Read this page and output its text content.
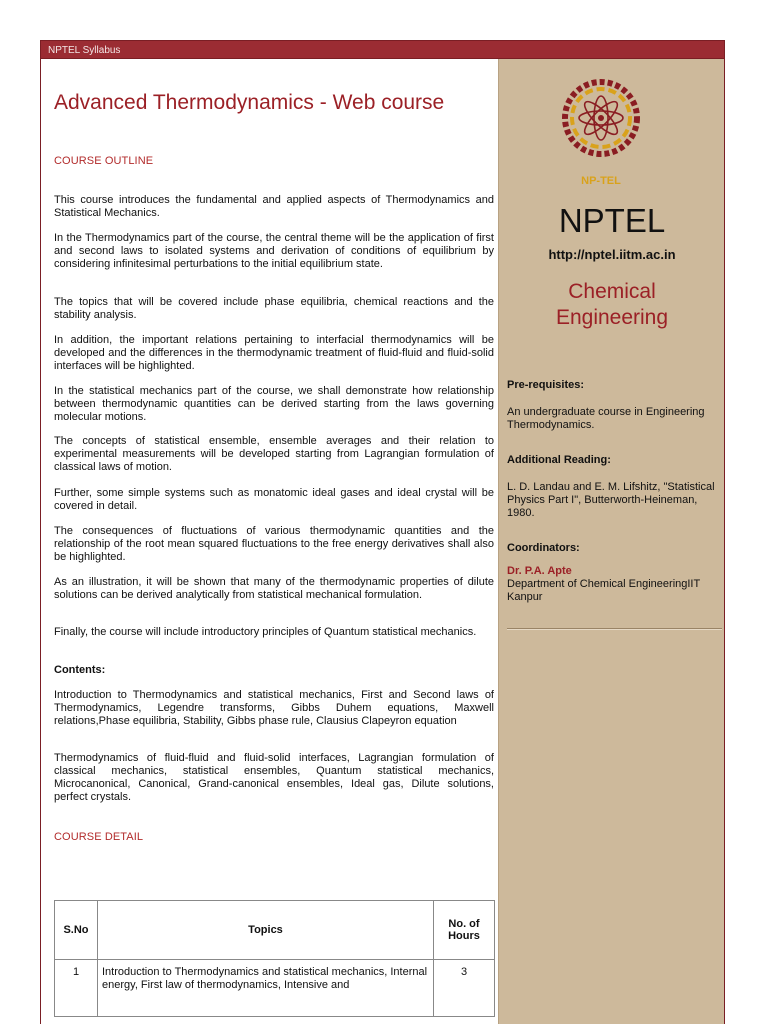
NPTEL Syllabus
Advanced Thermodynamics - Web course
COURSE OUTLINE
This course introduces the fundamental and applied aspects of Thermodynamics and Statistical Mechanics.
In the Thermodynamics part of the course, the central theme will be the application of first and second laws to isolated systems and derivation of conditions of equilibrium by considering infinitesimal perturbations to the initial equilibrium state.
The topics that will be covered include phase equilibria, chemical reactions and the stability analysis.
In addition, the important relations pertaining to interfacial thermodynamics will be developed and the differences in the thermodynamic treatment of fluid-fluid and fluid-solid interfaces will be highlighted.
In the statistical mechanics part of the course, we shall demonstrate how relationship between thermodynamic quantities can be derived starting from the laws governing molecular motions.
The concepts of statistical ensemble, ensemble averages and their relation to experimental measurements will be developed starting from Lagrangian formulation of classical laws of motion.
Further, some simple systems such as monatomic ideal gases and ideal crystal will be covered in detail.
The consequences of fluctuations of various thermodynamic quantities and the relationship of the root mean squared fluctuations to the free energy derivatives shall also be highlighted.
As an illustration, it will be shown that many of the thermodynamic properties of dilute solutions can be derived analytically from statistical mechanical formulation.
Finally, the course will include introductory principles of Quantum statistical mechanics.
Contents:
Introduction to Thermodynamics and statistical mechanics, First and Second laws of Thermodynamics, Legendre transforms, Gibbs Duhem equations, Maxwell relations,Phase equilibria, Stability, Gibbs phase rule, Clausius Clapeyron equation
Thermodynamics of fluid-fluid and fluid-solid interfaces, Lagrangian formulation of classical mechanics, statistical ensembles, Quantum statistical mechanics, Microcanonical, Canonical, Grand-canonical ensembles, Ideal gas, Dilute solutions, perfect crystals.
COURSE DETAIL
S.No	Topics	No. of Hours
1	Introduction to Thermodynamics and statistical mechanics, Internal energy, First law of thermodynamics, Intensive and	3
NP-TEL
NPTEL
http://nptel.iitm.ac.in
Chemical
Engineering
Pre-requisites:
An undergraduate course in Engineering Thermodynamics.
Additional Reading:
L. D. Landau and E. M. Lifshitz, "Statistical Physics Part I", Butterworth-Heineman, 1980.
Coordinators:
Dr. P.A. Apte
Department of Chemical EngineeringIIT Kanpur
